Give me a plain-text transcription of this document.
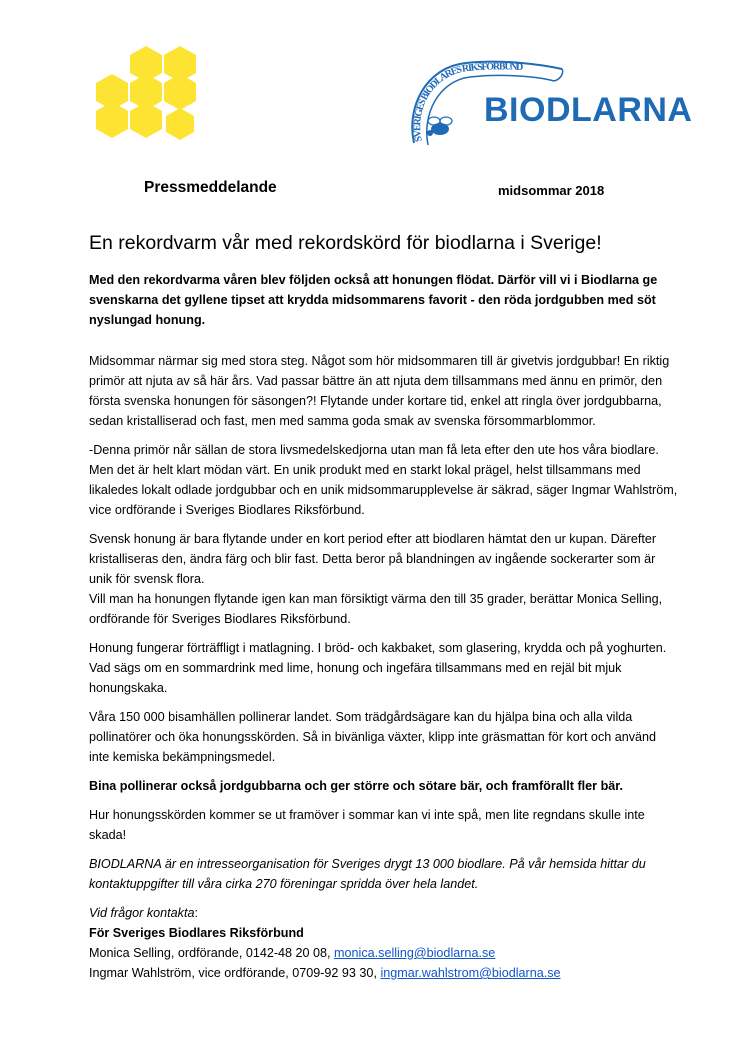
SVERIGES BIODLARES RIKSFÖRBUND
BIODLARNA
Pressmeddelande	midsommar 2018
En rekordvarm vår med rekordskörd för biodlarna i Sverige!

Med den rekordvarma våren blev följden också att honungen flödat. Därför vill vi i Biodlarna ge svenskarna det gyllene tipset att krydda midsommarens favorit - den röda jordgubben med söt nyslungad honung.

Midsommar närmar sig med stora steg. Något som hör midsommaren till är givetvis jordgubbar! En riktig primör att njuta av så här års. Vad passar bättre än att njuta dem tillsammans med ännu en primör, den första svenska honungen för säsongen?! Flytande under kortare tid, enkel att ringla över jordgubbarna, sedan kristalliserad och fast, men med samma goda smak av svenska försommarblommor.

-Denna primör når sällan de stora livsmedelskedjorna utan man få leta efter den ute hos våra biodlare. Men det är helt klart mödan värt. En unik produkt med en starkt lokal prägel, helst tillsammans med likaledes lokalt odlade jordgubbar och en unik midsommarupplevelse är säkrad, säger Ingmar Wahlström, vice ordförande i Sveriges Biodlares Riksförbund.

Svensk honung är bara flytande under en kort period efter att biodlaren hämtat den ur kupan. Därefter kristalliseras den, ändra färg och blir fast. Detta beror på blandningen av ingående sockerarter som är unik för svensk flora.
Vill man ha honungen flytande igen kan man försiktigt värma den till 35 grader, berättar Monica Selling, ordförande för Sveriges Biodlares Riksförbund.

Honung fungerar förträffligt i matlagning. I bröd- och kakbaket, som glasering, krydda och på yoghurten. Vad sägs om en sommardrink med lime, honung och ingefära tillsammans med en rejäl bit mjuk honungskaka.

Våra 150 000 bisamhällen pollinerar landet. Som trädgårdsägare kan du hjälpa bina och alla vilda pollinatörer och öka honungsskörden. Så in bivänliga växter, klipp inte gräsmattan för kort och använd inte kemiska bekämpningsmedel.

Bina pollinerar också jordgubbarna och ger större och sötare bär, och framförallt fler bär.

Hur honungsskörden kommer se ut framöver i sommar kan vi inte spå, men lite regndans skulle inte skada!

BIODLARNA är en intresseorganisation för Sveriges drygt 13 000 biodlare. På vår hemsida hittar du kontaktuppgifter till våra cirka 270 föreningar spridda över hela landet.

Vid frågor kontakta:
För Sveriges Biodlares Riksförbund
Monica Selling, ordförande, 0142-48 20 08, monica.selling@biodlarna.se
Ingmar Wahlström, vice ordförande, 0709-92 93 30, ingmar.wahlstrom@biodlarna.se
